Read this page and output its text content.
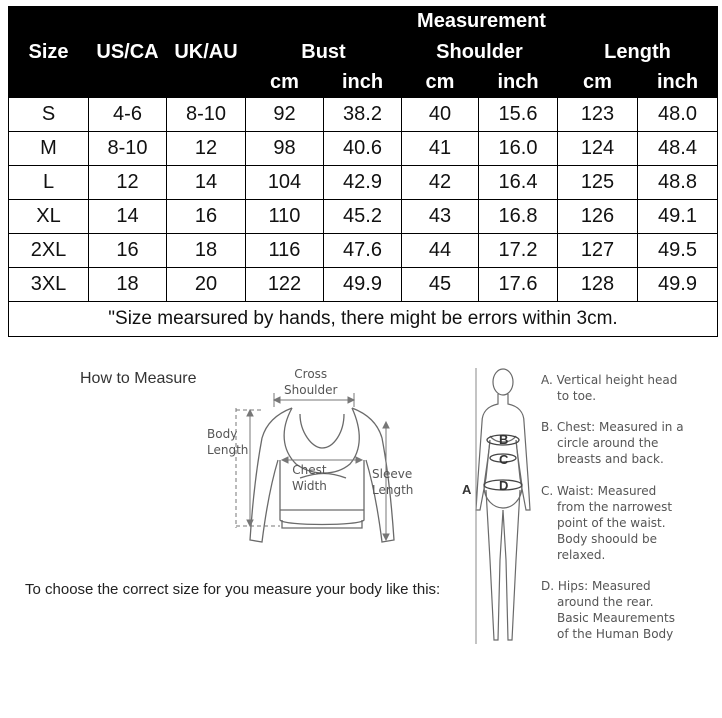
Size	US/CA	UK/AU	Measurement					
			Bust		Shoulder		Length	
			cm	inch	cm	inch	cm	inch
S	4-6	8-10	92	38.2	40	15.6	123	48.0
M	8-10	12	98	40.6	41	16.0	124	48.4
L	12	14	104	42.9	42	16.4	125	48.8
XL	14	16	110	45.2	43	16.8	126	49.1
2XL	16	18	116	47.6	44	17.2	127	49.5
3XL	18	20	122	49.9	45	17.6	128	49.9
"Size mearsured by hands, there might be errors within 3cm.								
How to Measure	Cross
Shoulder
Body
Length
Chest
Width
Sleeve
Length
To choose the correct size for you measure your body like this:
A
B
C
D
A. Vertical height head
to toe.
B. Chest: Measured in a
circle around the
breasts and back.
C. Waist: Measured
from the narrowest
point of the waist.
Body shoould be
relaxed.
D. Hips: Measured
around the rear.
Basic Meaurements
of the Human Body
